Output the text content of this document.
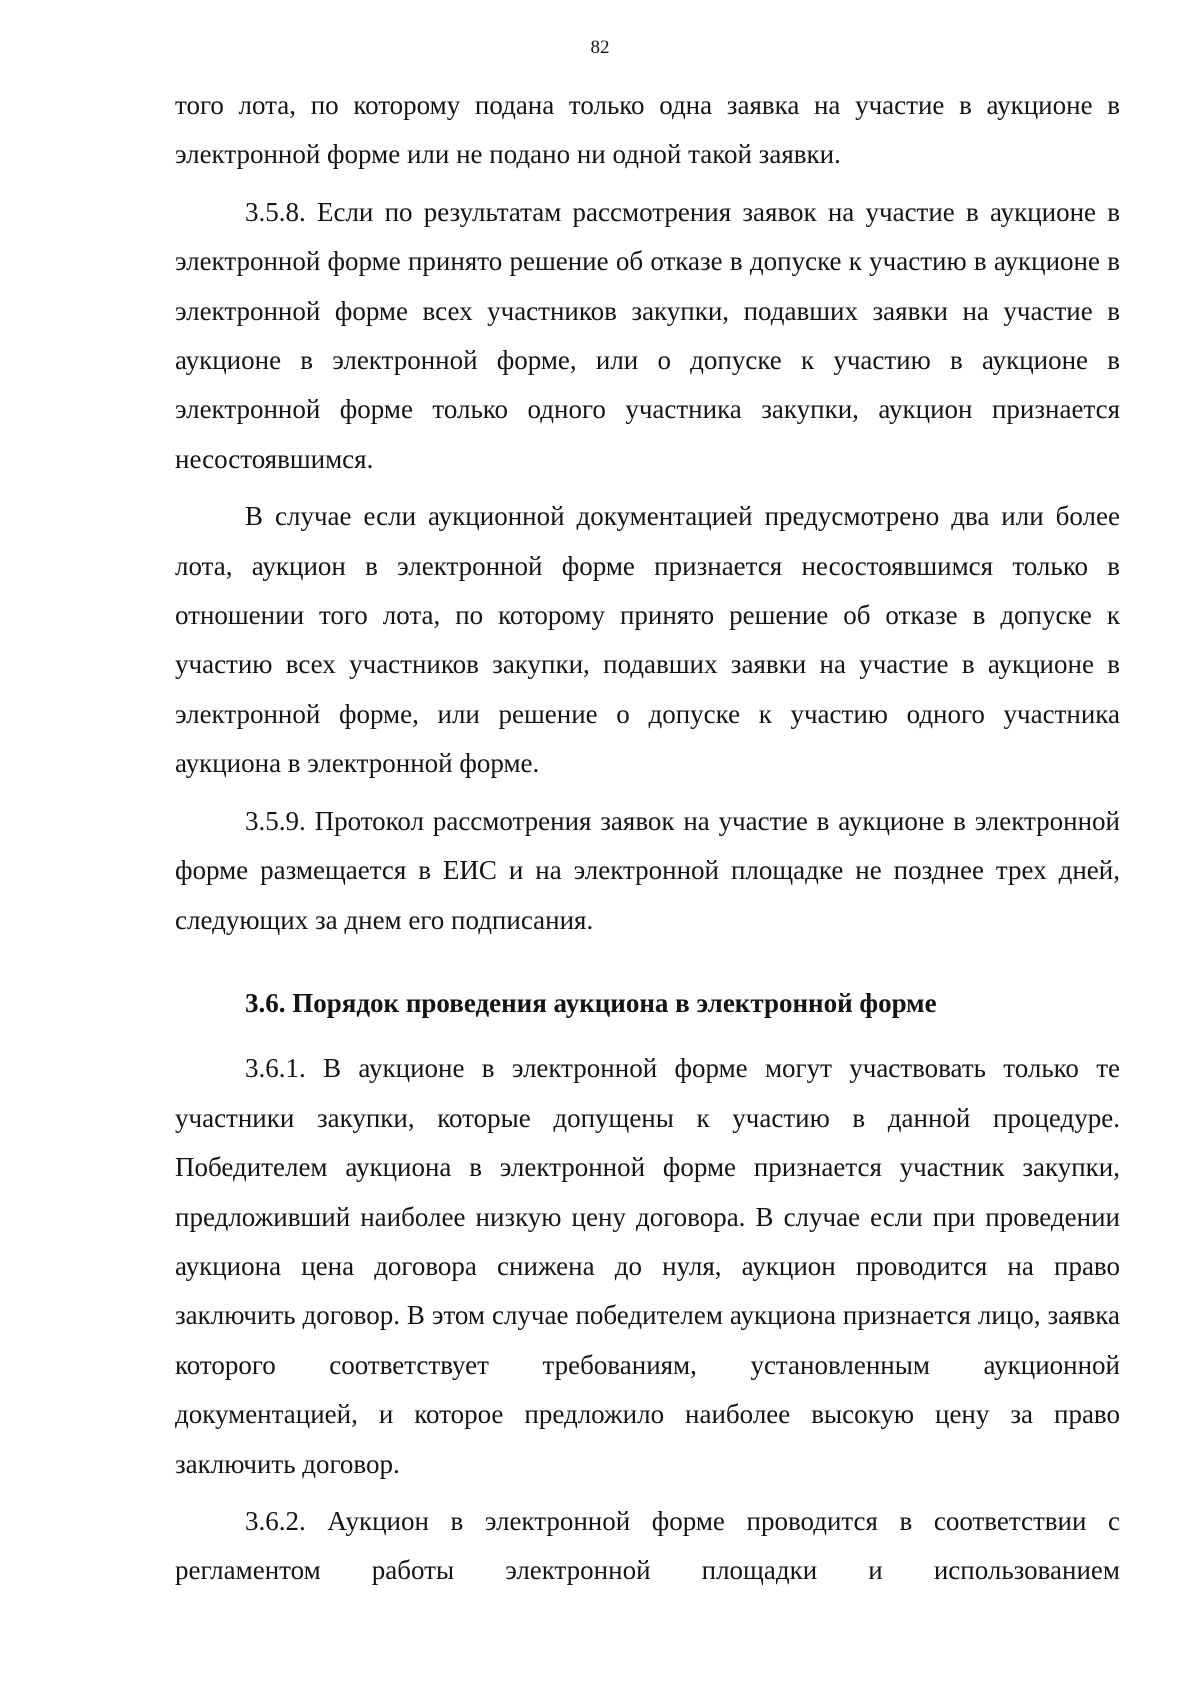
82

того лота, по которому подана только одна заявка на участие в аукционе в электронной форме или не подано ни одной такой заявки.

3.5.8. Если по результатам рассмотрения заявок на участие в аукционе в электронной форме принято решение об отказе в допуске к участию в аукционе в электронной форме всех участников закупки, подавших заявки на участие в аукционе в электронной форме, или о допуске к участию в аукционе в электронной форме только одного участника закупки, аукцион признается несостоявшимся.

В случае если аукционной документацией предусмотрено два или более лота, аукцион в электронной форме признается несостоявшимся только в отношении того лота, по которому принято решение об отказе в допуске к участию всех участников закупки, подавших заявки на участие в аукционе в электронной форме, или решение о допуске к участию одного участника аукциона в электронной форме.

3.5.9. Протокол рассмотрения заявок на участие в аукционе в электронной форме размещается в ЕИС и на электронной площадке не позднее трех дней, следующих за днем его подписания.

3.6. Порядок проведения аукциона в электронной форме

3.6.1. В аукционе в электронной форме могут участвовать только те участники закупки, которые допущены к участию в данной процедуре. Победителем аукциона в электронной форме признается участник закупки, предложивший наиболее низкую цену договора. В случае если при проведении аукциона цена договора снижена до нуля, аукцион проводится на право заключить договор. В этом случае победителем аукциона признается лицо, заявка которого соответствует требованиям, установленным аукционной документацией, и которое предложило наиболее высокую цену за право заключить договор.

3.6.2. Аукцион в электронной форме проводится в соответствии с регламентом работы электронной площадки и использованием
